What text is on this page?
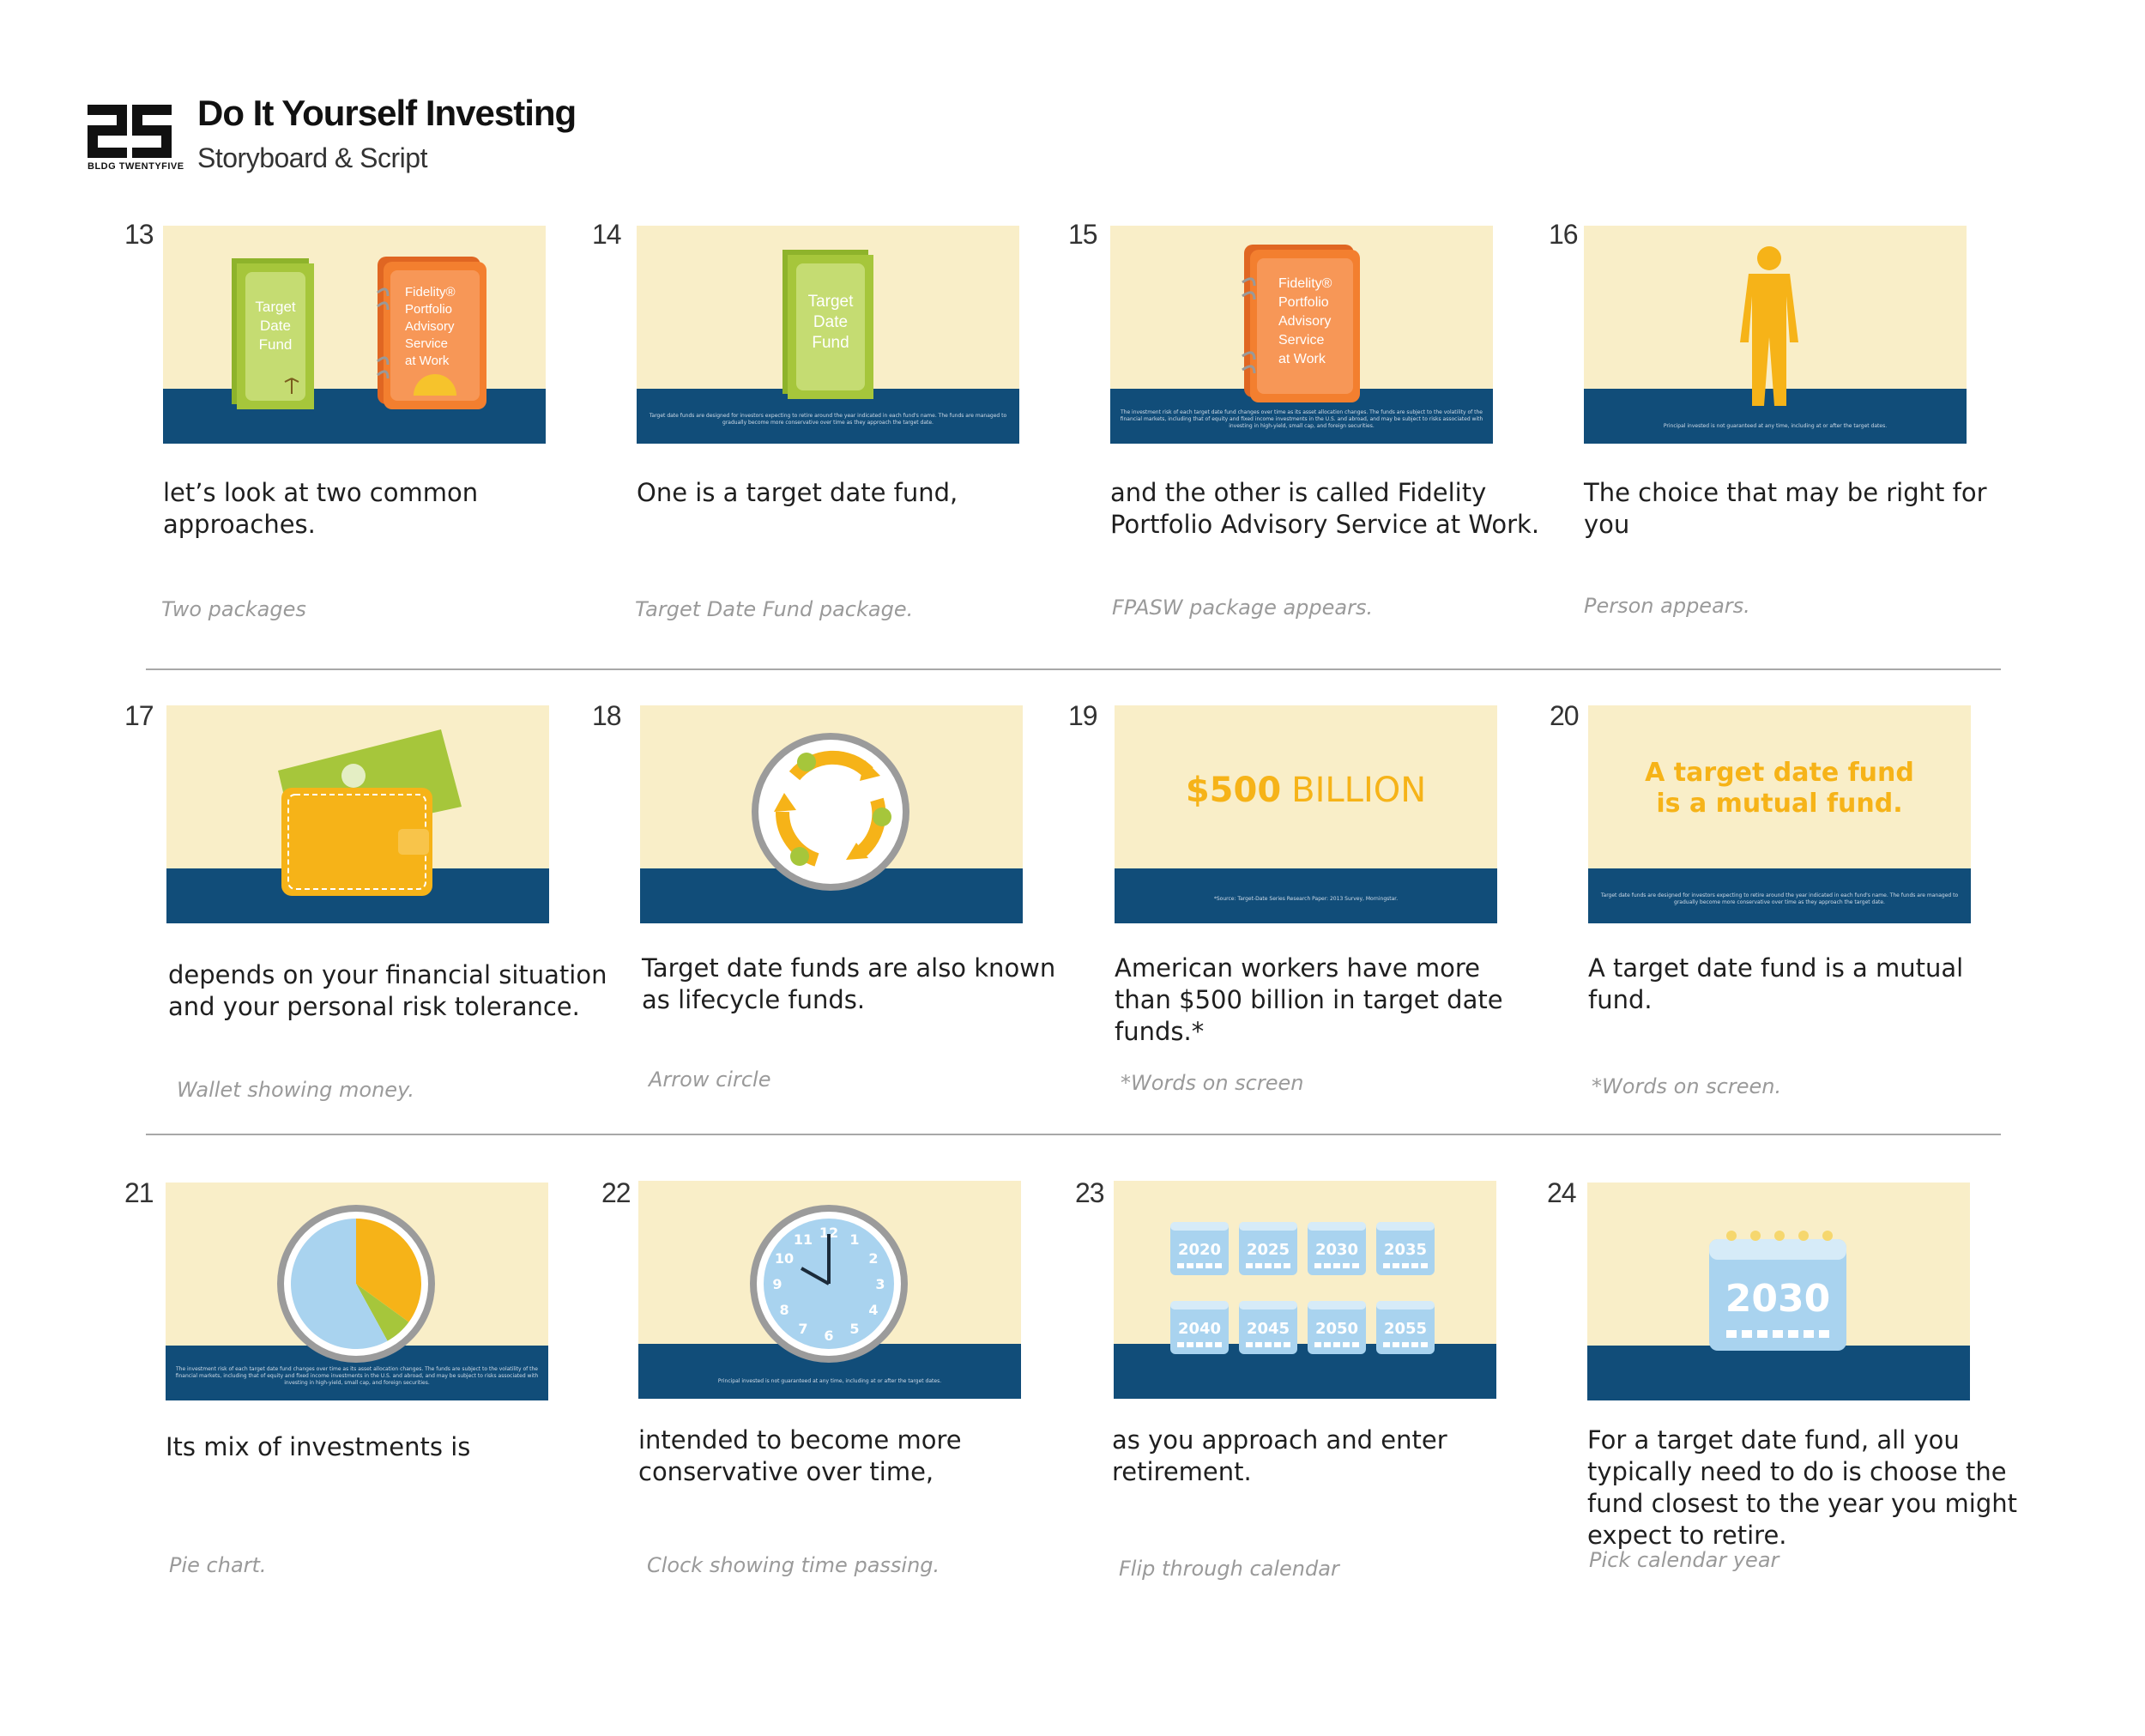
BLDG TWENTYFIVE
Do It Yourself Investing
Storyboard & Script
13
Target
Date
Fund
Fidelity®
Portfolio
Advisory
Service
at Work
let’s look at two common approaches.
Two packages
14
Target
Date
Fund
Target date funds are designed for investors expecting to retire around the year indicated in each fund's name. The funds are managed to gradually become more conservative over time as they approach the target date.
One is a target date fund,
Target Date Fund package.
15
Fidelity®
Portfolio
Advisory
Service
at Work
The investment risk of each target date fund changes over time as its asset allocation changes. The funds are subject to the volatility of the financial markets, including that of equity and fixed income investments in the U.S. and abroad, and may be subject to risks associated with investing in high-yield, small cap, and foreign securities.
and the other is called Fidelity Portfolio Advisory Service at Work.
FPASW package appears.
16
Principal invested is not guaranteed at any time, including at or after the target dates.
The choice that may be right for you
Person appears.
17
depends on your financial situation and your personal risk tolerance.
Wallet showing money.
18
Target date funds are also known as lifecycle funds.
Arrow circle
19
$500 BILLION
*Source: Target-Date Series Research Paper: 2013 Survey, Morningstar.
American workers have more than $500 billion in target date funds.*
*Words on screen
20
A target date fund
is a mutual fund.
Target date funds are designed for investors expecting to retire around the year indicated in each fund's name. The funds are managed to gradually become more conservative over time as they approach the target date.
A target date fund is a mutual fund.
*Words on screen.
21
The investment risk of each target date fund changes over time as its asset allocation changes. The funds are subject to the volatility of the financial markets, including that of equity and fixed income investments in the U.S. and abroad, and may be subject to risks associated with investing in high-yield, small cap, and foreign securities.
Its mix of investments is
Pie chart.
22
12 1
2
3
4
5
6
7
8
9
10
11
Principal invested is not guaranteed at any time, including at or after the target dates.
intended to become more conservative over time,
Clock showing time passing.
23
2020 2025 2030 2035
2040 2045 2050 2055
as you approach and enter retirement.
Flip through calendar
24
2030
For a target date fund, all you typically need to do is choose the fund closest to the year you might expect to retire.
Pick calendar year
